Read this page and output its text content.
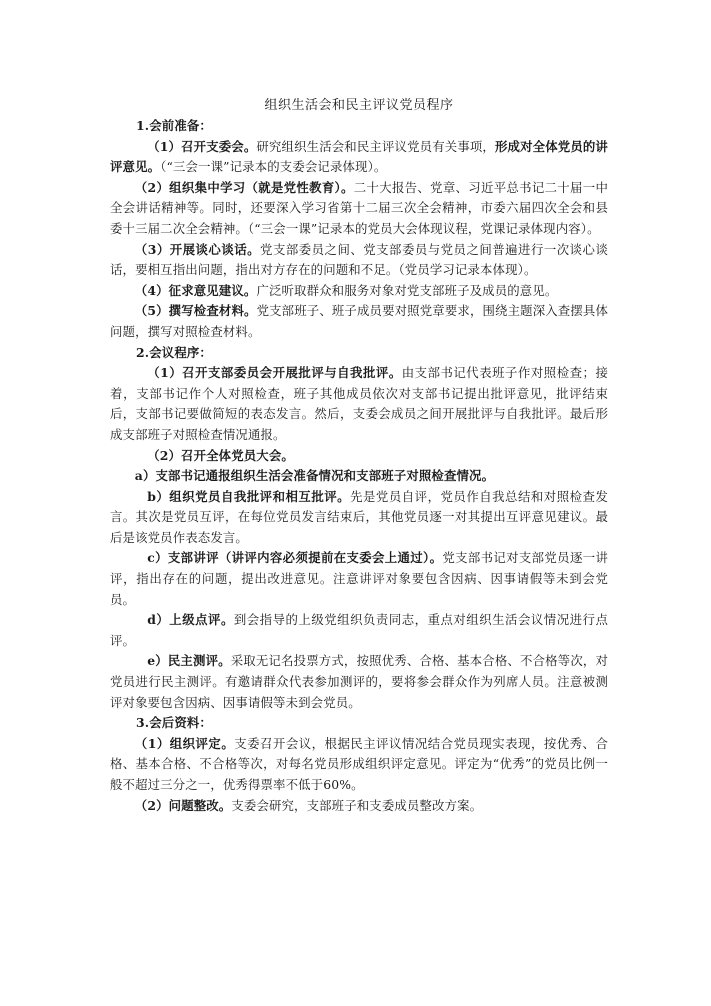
组织生活会和民主评议党员程序
1.会前准备：

（1）召开支委会。研究组织生活会和民主评议党员有关事项，形成对全体党员的讲评意见。（“三会一课”记录本的支委会记录体现）。

（2）组织集中学习（就是党性教育）。二十大报告、党章、习近平总书记二十届一中全会讲话精神等。同时，还要深入学习省第十二届三次全会精神，市委六届四次全会和县委十三届二次全会精神。（“三会一课”记录本的党员大会体现议程，党课记录体现内容）。

（3）开展谈心谈话。党支部委员之间、党支部委员与党员之间普遍进行一次谈心谈话，要相互指出问题，指出对方存在的问题和不足。（党员学习记录本体现）。

（4）征求意见建议。广泛听取群众和服务对象对党支部班子及成员的意见。

（5）撰写检查材料。党支部班子、班子成员要对照党章要求，围绕主题深入查摆具体问题，撰写对照检查材料。

2.会议程序：

（1）召开支部委员会开展批评与自我批评。由支部书记代表班子作对照检查；接着，支部书记作个人对照检查，班子其他成员依次对支部书记提出批评意见，批评结束后，支部书记要做简短的表态发言。然后，支委会成员之间开展批评与自我批评。最后形成支部班子对照检查情况通报。

（2）召开全体党员大会。

a）支部书记通报组织生活会准备情况和支部班子对照检查情况。

b）组织党员自我批评和相互批评。先是党员自评，党员作自我总结和对照检查发言。其次是党员互评，在每位党员发言结束后，其他党员逐一对其提出互评意见建议。最后是该党员作表态发言。

c）支部讲评（讲评内容必须提前在支委会上通过）。党支部书记对支部党员逐一讲评，指出存在的问题，提出改进意见。注意讲评对象要包含因病、因事请假等未到会党员。

d）上级点评。到会指导的上级党组织负责同志，重点对组织生活会议情况进行点评。

e）民主测评。采取无记名投票方式，按照优秀、合格、基本合格、不合格等次，对党员进行民主测评。有邀请群众代表参加测评的，要将参会群众作为列席人员。注意被测评对象要包含因病、因事请假等未到会党员。

3.会后资料：

（1）组织评定。支委召开会议，根据民主评议情况结合党员现实表现，按优秀、合格、基本合格、不合格等次，对每名党员形成组织评定意见。评定为“优秀”的党员比例一般不超过三分之一，优秀得票率不低于60%。

（2）问题整改。支委会研究，支部班子和支委成员整改方案。
